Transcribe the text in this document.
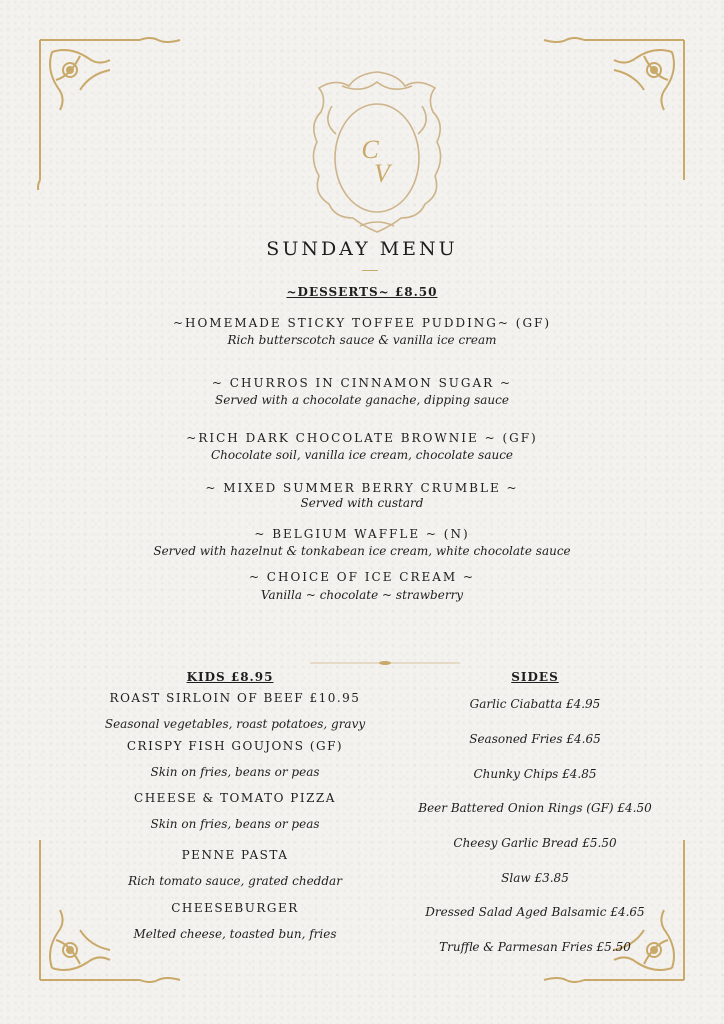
C
V
SUNDAY MENU
~DESSERTS~ £8.50
~HOMEMADE STICKY TOFFEE PUDDING~ (GF)
Rich butterscotch sauce & vanilla ice cream
~ CHURROS IN CINNAMON SUGAR ~
Served with a chocolate ganache, dipping sauce
~RICH DARK CHOCOLATE BROWNIE ~ (GF)
Chocolate soil, vanilla ice cream, chocolate sauce
~ MIXED SUMMER BERRY CRUMBLE ~
Served with custard
~ BELGIUM WAFFLE ~ (N)
Served with hazelnut & tonkabean ice cream, white chocolate sauce
~ CHOICE OF ICE CREAM ~
Vanilla ~ chocolate ~ strawberry
KIDS £8.95
ROAST SIRLOIN OF BEEF £10.95
Seasonal vegetables, roast potatoes, gravy
CRISPY FISH GOUJONS (GF)
Skin on fries, beans or peas
CHEESE & TOMATO PIZZA
Skin on fries, beans or peas
PENNE PASTA
Rich tomato sauce, grated cheddar
CHEESEBURGER
Melted cheese, toasted bun, fries
SIDES
Garlic Ciabatta £4.95
Seasoned Fries £4.65
Chunky Chips £4.85
Beer Battered Onion Rings (GF) £4.50
Cheesy Garlic Bread £5.50
Slaw £3.85
Dressed Salad Aged Balsamic £4.65
Truffle & Parmesan Fries £5.50
